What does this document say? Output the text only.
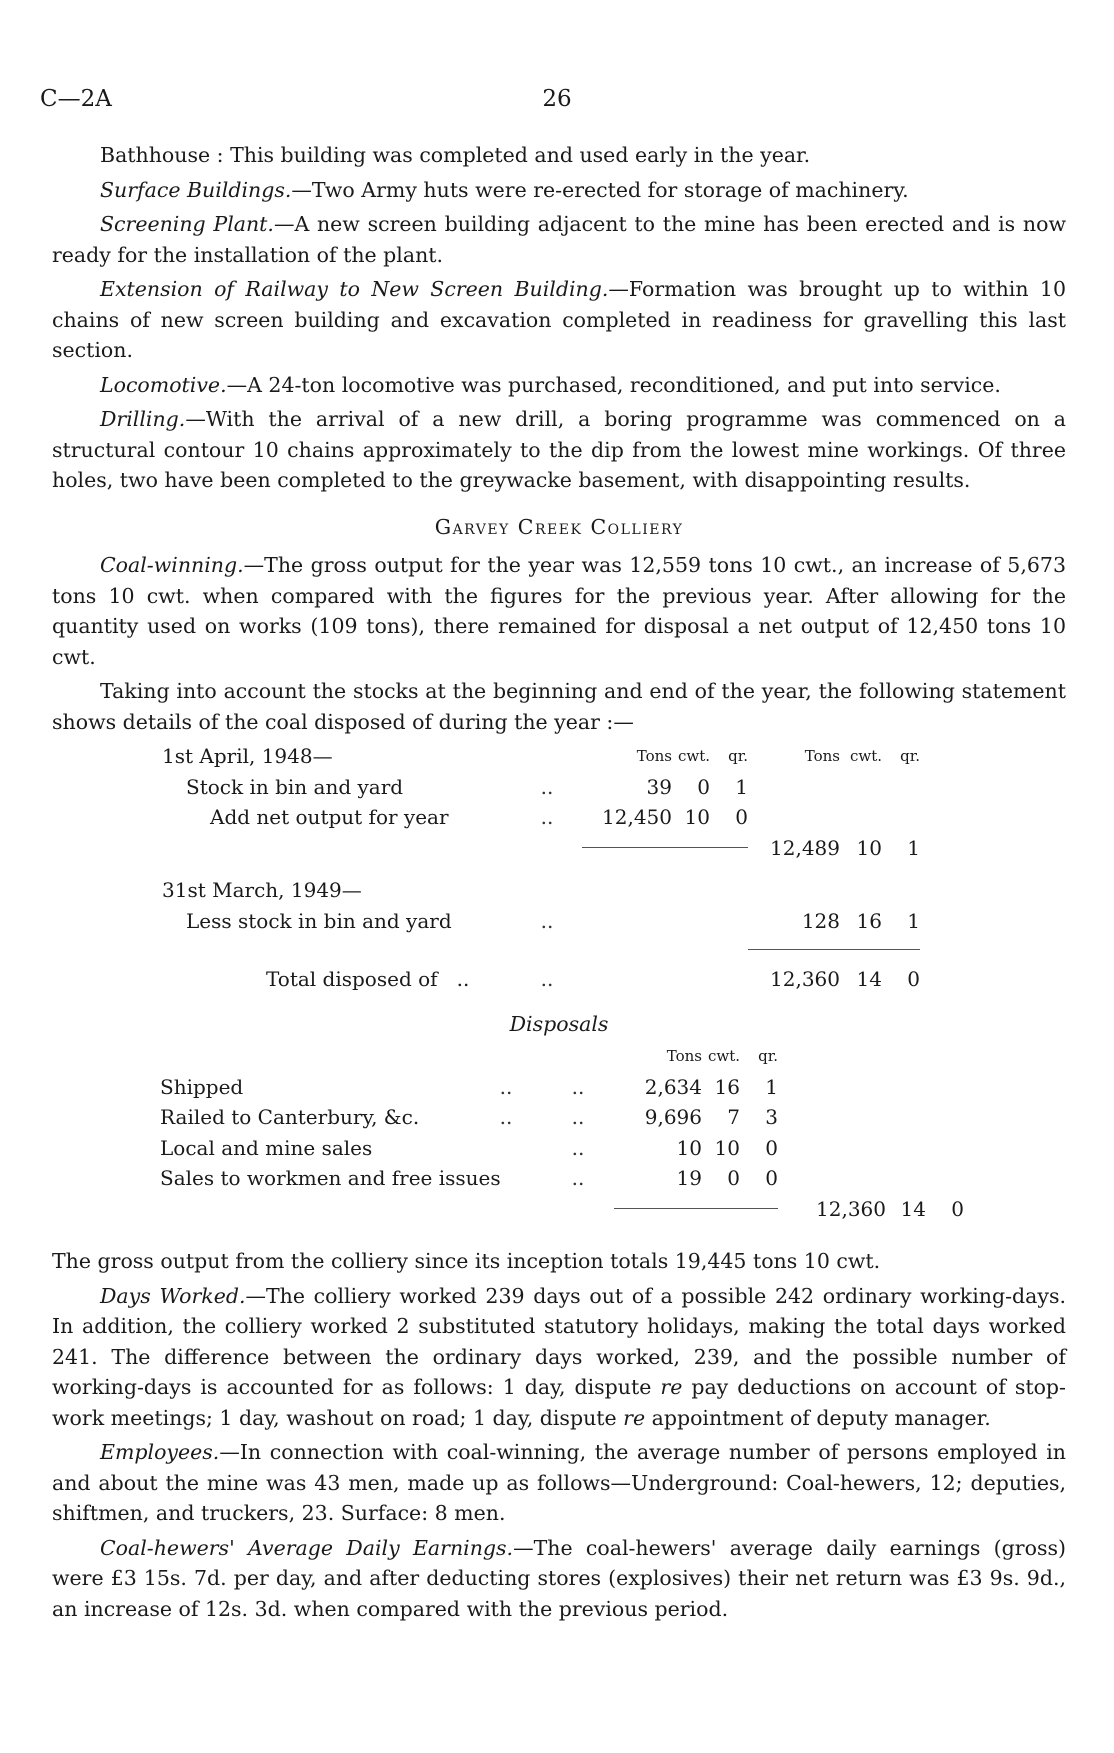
C—2A	26

Bathhouse : This building was completed and used early in the year.

Surface Buildings.—Two Army huts were re-erected for storage of machinery.

Screening Plant.—A new screen building adjacent to the mine has been erected and is now ready for the installation of the plant.

Extension of Railway to New Screen Building.—Formation was brought up to within 10 chains of new screen building and excavation completed in readiness for gravelling this last section.

Locomotive.—A 24-ton locomotive was purchased, reconditioned, and put into service.

Drilling.—With the arrival of a new drill, a boring programme was commenced on a structural contour 10 chains approximately to the dip from the lowest mine workings. Of three holes, two have been completed to the greywacke basement, with disappointing results.

Garvey Creek Colliery

Coal-winning.—The gross output for the year was 12,559 tons 10 cwt., an increase of 5,673 tons 10 cwt. when compared with the figures for the previous year. After allowing for the quantity used on works (109 tons), there remained for disposal a net output of 12,450 tons 10 cwt.

Taking into account the stocks at the beginning and end of the year, the following statement shows details of the coal disposed of during the year :—

1st April, 1948—		Tons	cwt.	qr.	Tons	cwt.	qr.
Stock in bin and yard	..	39	0	1			
Add net output for year	..	12,450	10	0			

			12,489	10	1

31st March, 1949—							
Less stock in bin and yard	..				128	16	1

Total disposed of ..	..				12,360	14	0
Disposals
			Tons	cwt.	qr.			
Shipped	..	..	2,634	16	1			
Railed to Canterbury, &c.	..	..	9,696	7	3			
Local and mine sales		..	10	10	0			
Sales to workmen and free issues		..	19	0	0			

			12,360	14	0

The gross output from the colliery since its inception totals 19,445 tons 10 cwt.

Days Worked.—The colliery worked 239 days out of a possible 242 ordinary working-days. In addition, the colliery worked 2 substituted statutory holidays, making the total days worked 241. The difference between the ordinary days worked, 239, and the possible number of working-days is accounted for as follows: 1 day, dispute re pay deductions on account of stop-work meetings; 1 day, washout on road; 1 day, dispute re appointment of deputy manager.

Employees.—In connection with coal-winning, the average number of persons employed in and about the mine was 43 men, made up as follows—Underground: Coal-hewers, 12; deputies, shiftmen, and truckers, 23. Surface: 8 men.

Coal-hewers' Average Daily Earnings.—The coal-hewers' average daily earnings (gross) were £3 15s. 7d. per day, and after deducting stores (explosives) their net return was £3 9s. 9d., an increase of 12s. 3d. when compared with the previous period.
